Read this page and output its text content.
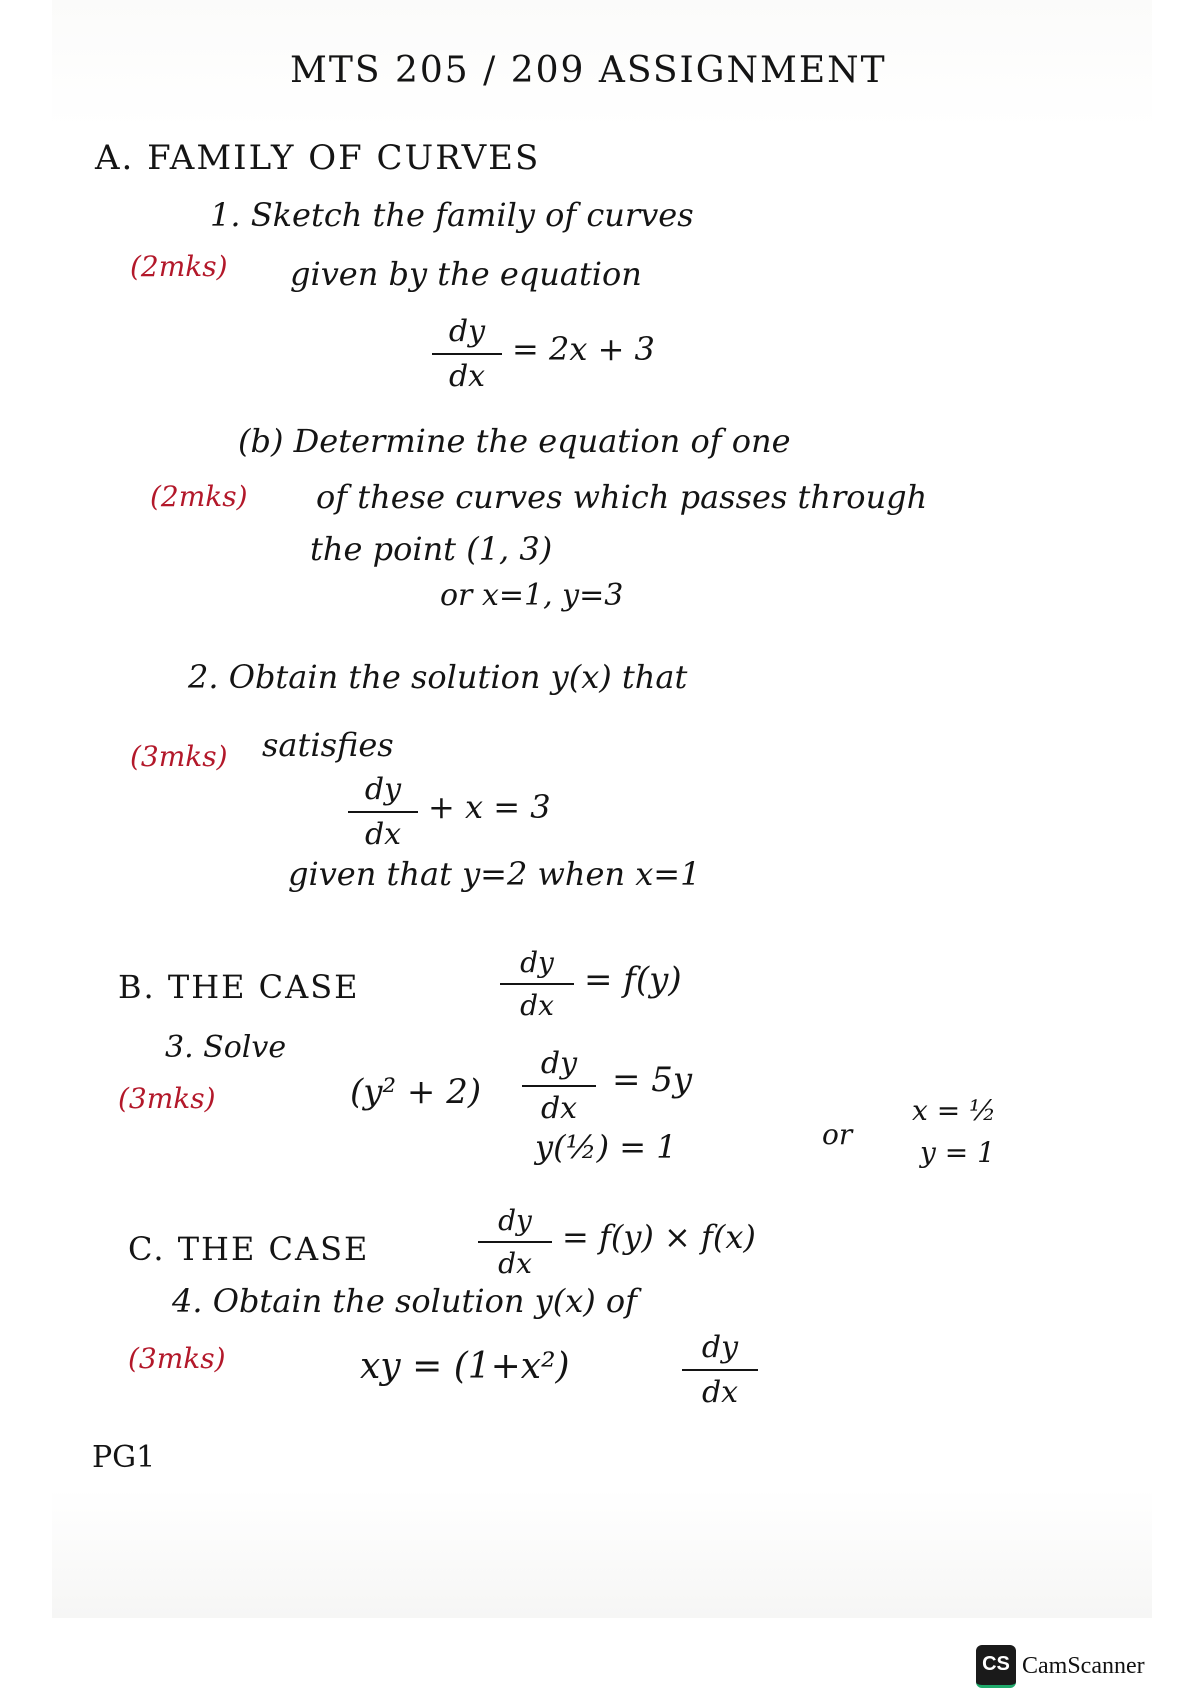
MTS 205 / 209 ASSIGNMENT
A. FAMILY OF CURVES
1. Sketch the family of curves
(2mks) given by the equation
dy
dx
= 2x + 3
(b) Determine the equation of one
(2mks) of these curves which passes through
the point (1, 3)
or x=1, y=3
2. Obtain the solution y(x) that
(3mks) satisfies
dy
dx
+ x = 3
given that y=2 when x=1
B. THE CASE
dy
dx
= f(y)
3. Solve
(3mks)	(y² + 2)
dy
dx
= 5y
y(½) = 1	or
x = ½
y = 1
C. THE CASE
dy
dx
= f(y) × f(x)
4. Obtain the solution y(x) of
(3mks)	xy = (1+x²)	dy
dx
PG1
CS CamScanner
